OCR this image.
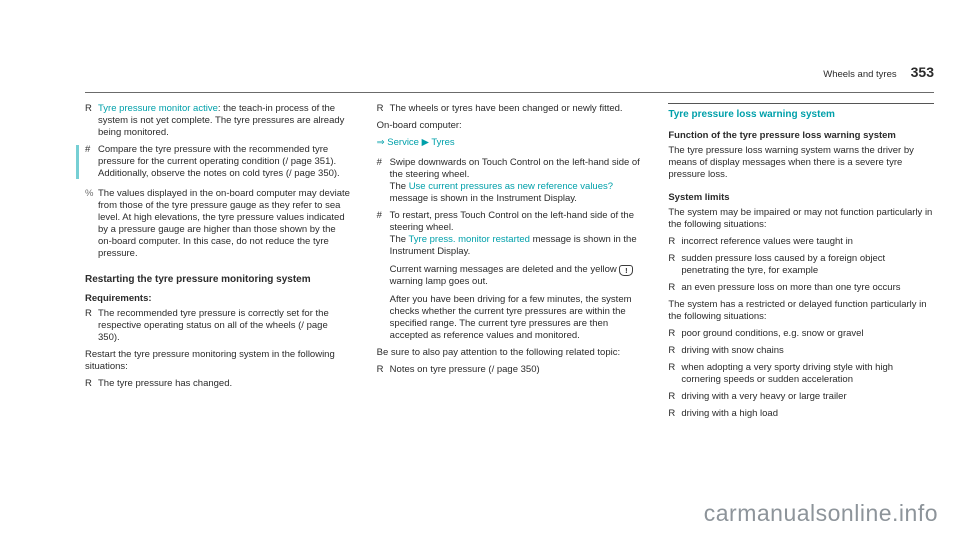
Wheels and tyres 353
R Tyre pressure monitor active: the teach-in process of the system is not yet complete. The tyre pressures are already being monitored.
# Compare the tyre pressure with the recommended tyre pressure for the current operating condition (/ page 351). Additionally, observe the notes on cold tyres (/ page 350).
% The values displayed in the on-board computer may deviate from those of the tyre pressure gauge as they refer to sea level. At high elevations, the tyre pressure values indicated by a pressure gauge are higher than those shown by the on-board computer. In this case, do not reduce the tyre pressure.
Restarting the tyre pressure monitoring system
Requirements:
R The recommended tyre pressure is correctly set for the respective operating status on all of the wheels (/ page 350).
Restart the tyre pressure monitoring system in the following situations:
R The tyre pressure has changed.
R The wheels or tyres have been changed or newly fitted.
On-board computer:
⇒ Service ▶ Tyres
# Swipe downwards on Touch Control on the left-hand side of the steering wheel.
The Use current pressures as new reference values? message is shown in the Instrument Display.
# To restart, press Touch Control on the left-hand side of the steering wheel.
The Tyre press. monitor restarted message is shown in the Instrument Display.
Current warning messages are deleted and the yellow ! warning lamp goes out.
After you have been driving for a few minutes, the system checks whether the current tyre pressures are within the specified range. The current tyre pressures are then accepted as reference values and monitored.
Be sure to also pay attention to the following related topic:
R Notes on tyre pressure (/ page 350)
Tyre pressure loss warning system
Function of the tyre pressure loss warning system
The tyre pressure loss warning system warns the driver by means of display messages when there is a severe tyre pressure loss.
System limits
The system may be impaired or may not function particularly in the following situations:
R incorrect reference values were taught in
R sudden pressure loss caused by a foreign object penetrating the tyre, for example
R an even pressure loss on more than one tyre occurs
The system has a restricted or delayed function particularly in the following situations:
R poor ground conditions, e.g. snow or gravel
R driving with snow chains
R when adopting a very sporty driving style with high cornering speeds or sudden acceleration
R driving with a very heavy or large trailer
R driving with a high load
carmanualsonline.info
